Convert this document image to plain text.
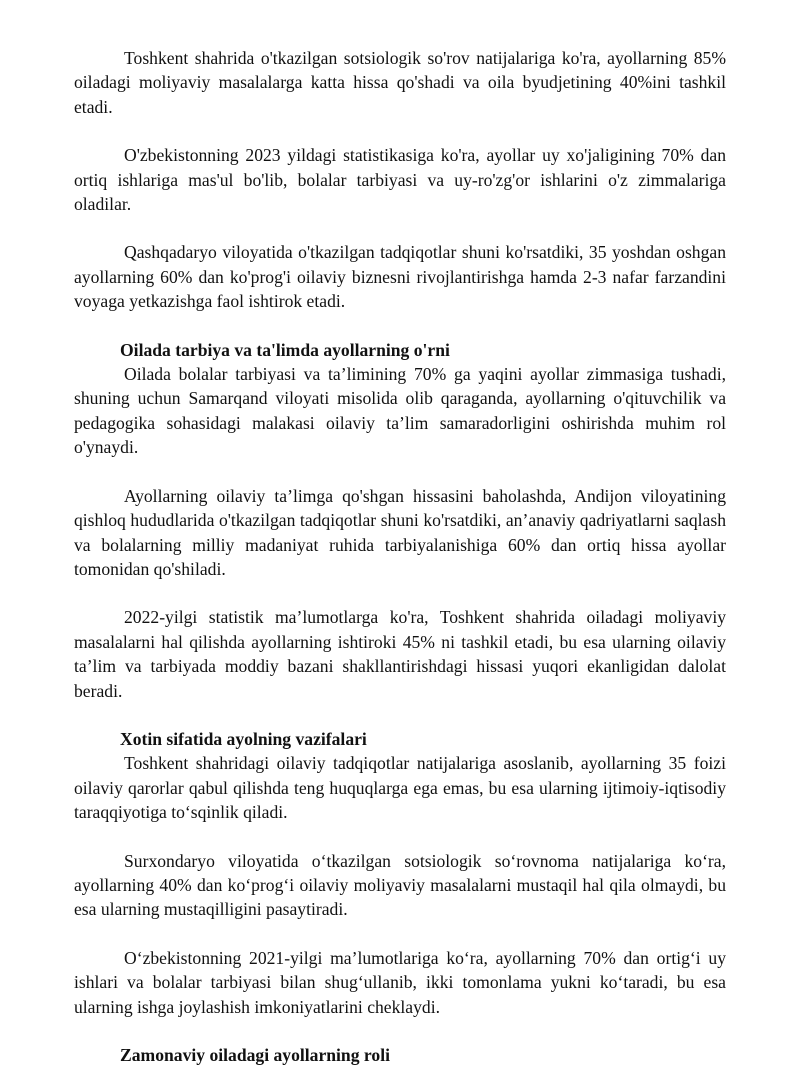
Toshkent shahrida o'tkazilgan sotsiologik so'rov natijalariga ko'ra, ayollarning 85% oiladagi moliyaviy masalalarga katta hissa qo'shadi va oila byudjetining 40%ini tashkil etadi.

O'zbekistonning 2023 yildagi statistikasiga ko'ra, ayollar uy xo'jaligining 70% dan ortiq ishlariga mas'ul bo'lib, bolalar tarbiyasi va uy-ro'zg'or ishlarini o'z zimmalariga oladilar.

Qashqadaryo viloyatida o'tkazilgan tadqiqotlar shuni ko'rsatdiki, 35 yoshdan oshgan ayollarning 60% dan ko'prog'i oilaviy biznesni rivojlantirishga hamda 2-3 nafar farzandini voyaga yetkazishga faol ishtirok etadi.

Oilada tarbiya va ta'limda ayollarning o'rni

Oilada bolalar tarbiyasi va ta’limining 70% ga yaqini ayollar zimmasiga tushadi, shuning uchun Samarqand viloyati misolida olib qaraganda, ayollarning o'qituvchilik va pedagogika sohasidagi malakasi oilaviy ta’lim samaradorligini oshirishda muhim rol o'ynaydi.

Ayollarning oilaviy ta’limga qo'shgan hissasini baholashda, Andijon viloyatining qishloq hududlarida o'tkazilgan tadqiqotlar shuni ko'rsatdiki, an’anaviy qadriyatlarni saqlash va bolalarning milliy madaniyat ruhida tarbiyalanishiga 60% dan ortiq hissa ayollar tomonidan qo'shiladi.

2022-yilgi statistik ma’lumotlarga ko'ra, Toshkent shahrida oiladagi moliyaviy masalalarni hal qilishda ayollarning ishtiroki 45% ni tashkil etadi, bu esa ularning oilaviy ta’lim va tarbiyada moddiy bazani shakllantirishdagi hissasi yuqori ekanligidan dalolat beradi.

Xotin sifatida ayolning vazifalari

Toshkent shahridagi oilaviy tadqiqotlar natijalariga asoslanib, ayollarning 35 foizi oilaviy qarorlar qabul qilishda teng huquqlarga ega emas, bu esa ularning ijtimoiy-iqtisodiy taraqqiyotiga to‘sqinlik qiladi.

Surxondaryo viloyatida o‘tkazilgan sotsiologik so‘rovnoma natijalariga ko‘ra, ayollarning 40% dan ko‘prog‘i oilaviy moliyaviy masalalarni mustaqil hal qila olmaydi, bu esa ularning mustaqilligini pasaytiradi.

O‘zbekistonning 2021-yilgi ma’lumotlariga ko‘ra, ayollarning 70% dan ortig‘i uy ishlari va bolalar tarbiyasi bilan shug‘ullanib, ikki tomonlama yukni ko‘taradi, bu esa ularning ishga joylashish imkoniyatlarini cheklaydi.

Zamonaviy oiladagi ayollarning roli
